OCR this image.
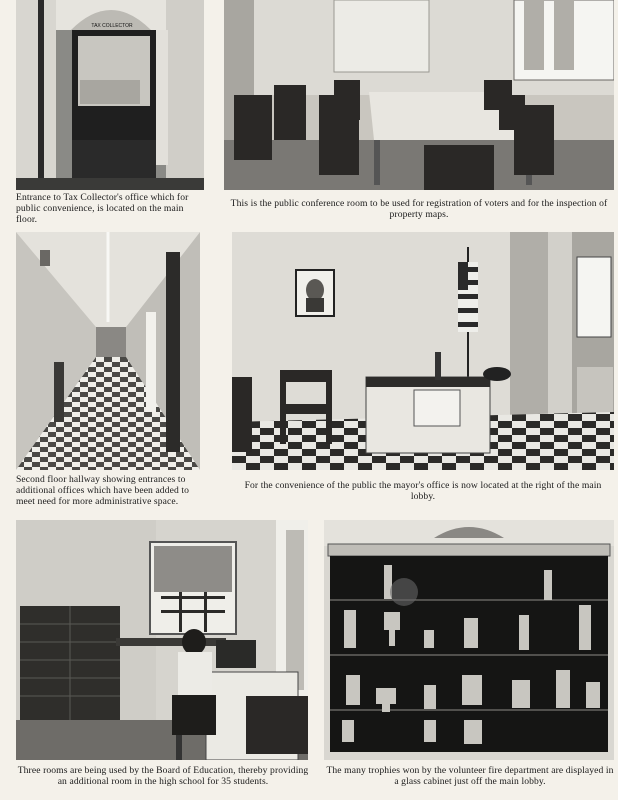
TAX COLLECTOR
Entrance to Tax Collector's office which for public convenience, is located on the main floor.
This is the public conference room to be used for registration of voters and for the inspection of property maps.
Second floor hallway showing entrances to additional offices which have been added to meet need for more administrative space.
For the convenience of the public the mayor's office is now located at the right of the main lobby.
Three rooms are being used by the Board of Education, thereby providing an additional room in the high school for 35 students.
The many trophies won by the volunteer fire department are displayed in a glass cabinet just off the main lobby.
